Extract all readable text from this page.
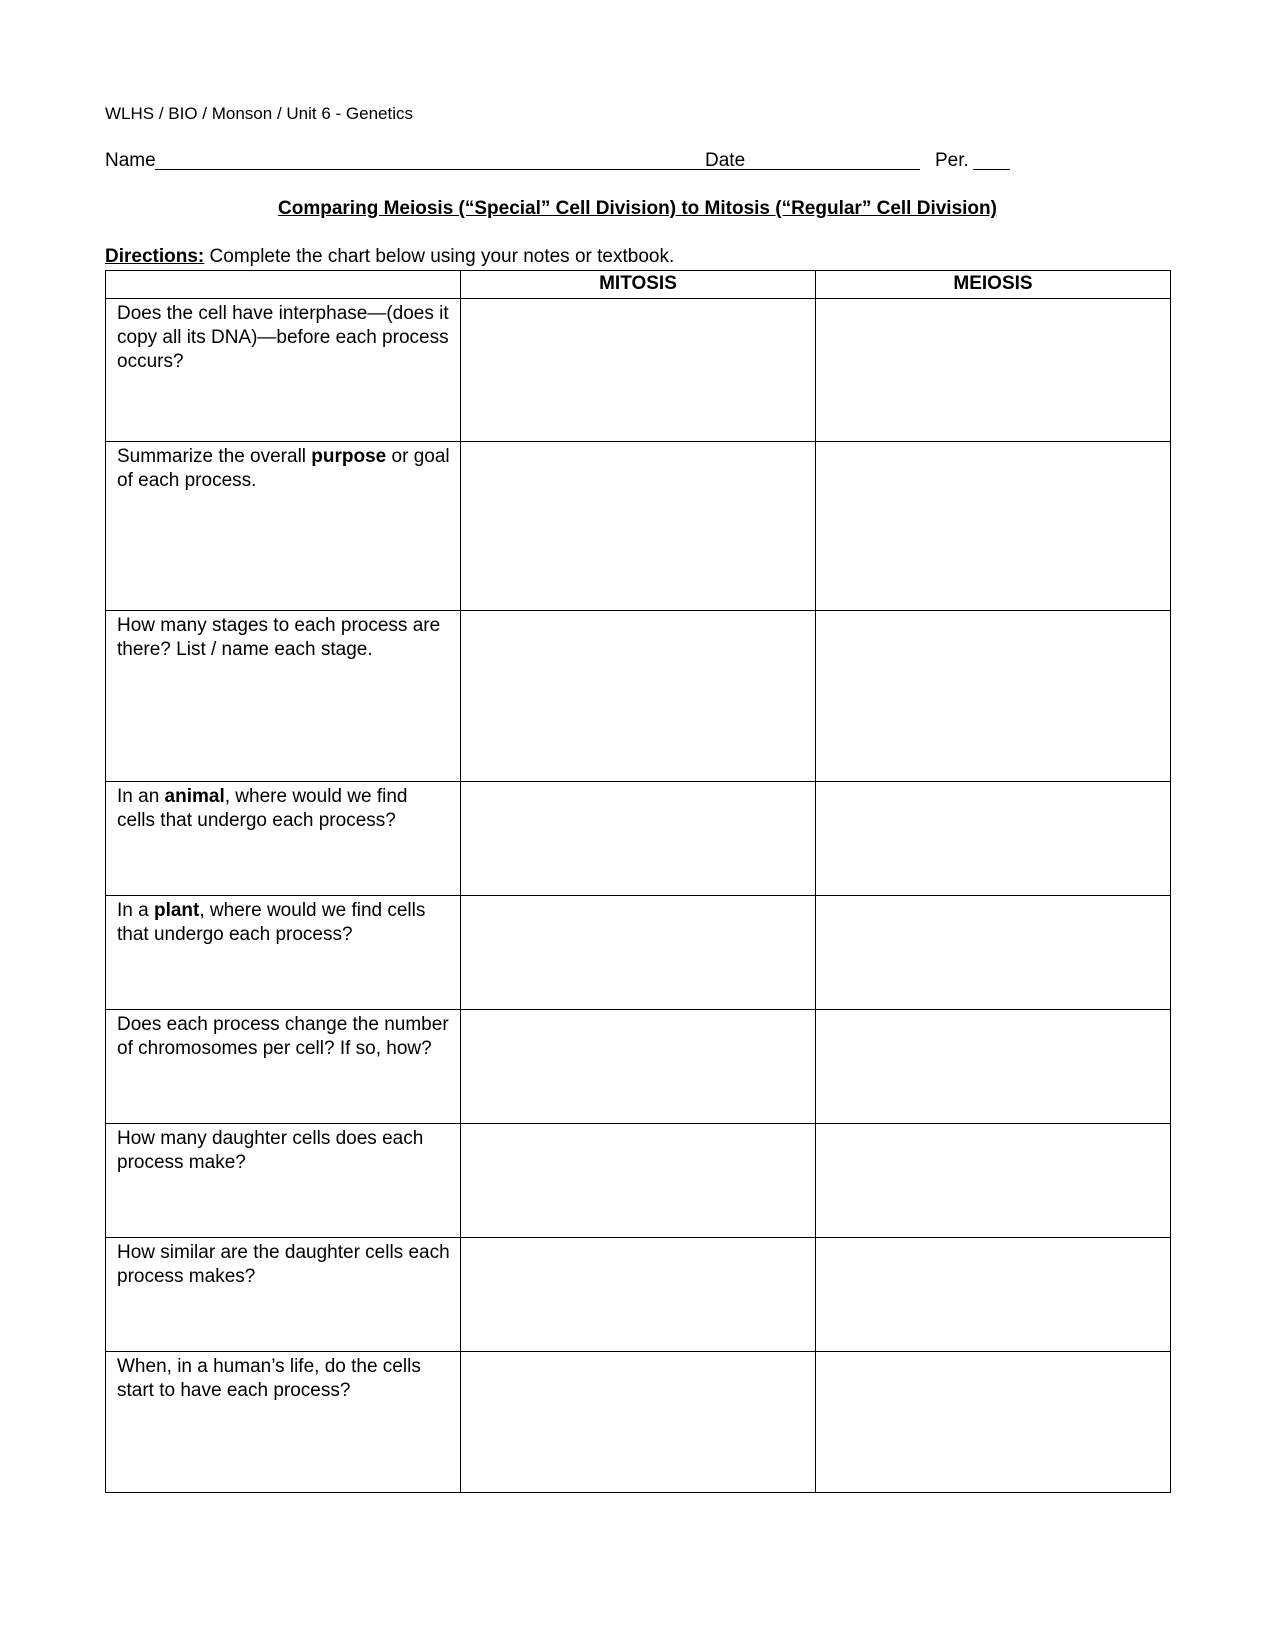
WLHS / BIO / Monson / Unit 6 - Genetics
Name	Date	Per.
Comparing Meiosis (“Special” Cell Division) to Mitosis (“Regular” Cell Division)
Directions: Complete the chart below using your notes or textbook.
	MITOSIS	MEIOSIS
Does the cell have interphase—(does it copy all its DNA)—before each process occurs?		
Summarize the overall purpose or goal of each process.		
How many stages to each process are there? List / name each stage.		
In an animal, where would we find cells that undergo each process?		
In a plant, where would we find cells that undergo each process?		
Does each process change the number of chromosomes per cell? If so, how?		
How many daughter cells does each process make?		
How similar are the daughter cells each process makes?		
When, in a human’s life, do the cells start to have each process?		
